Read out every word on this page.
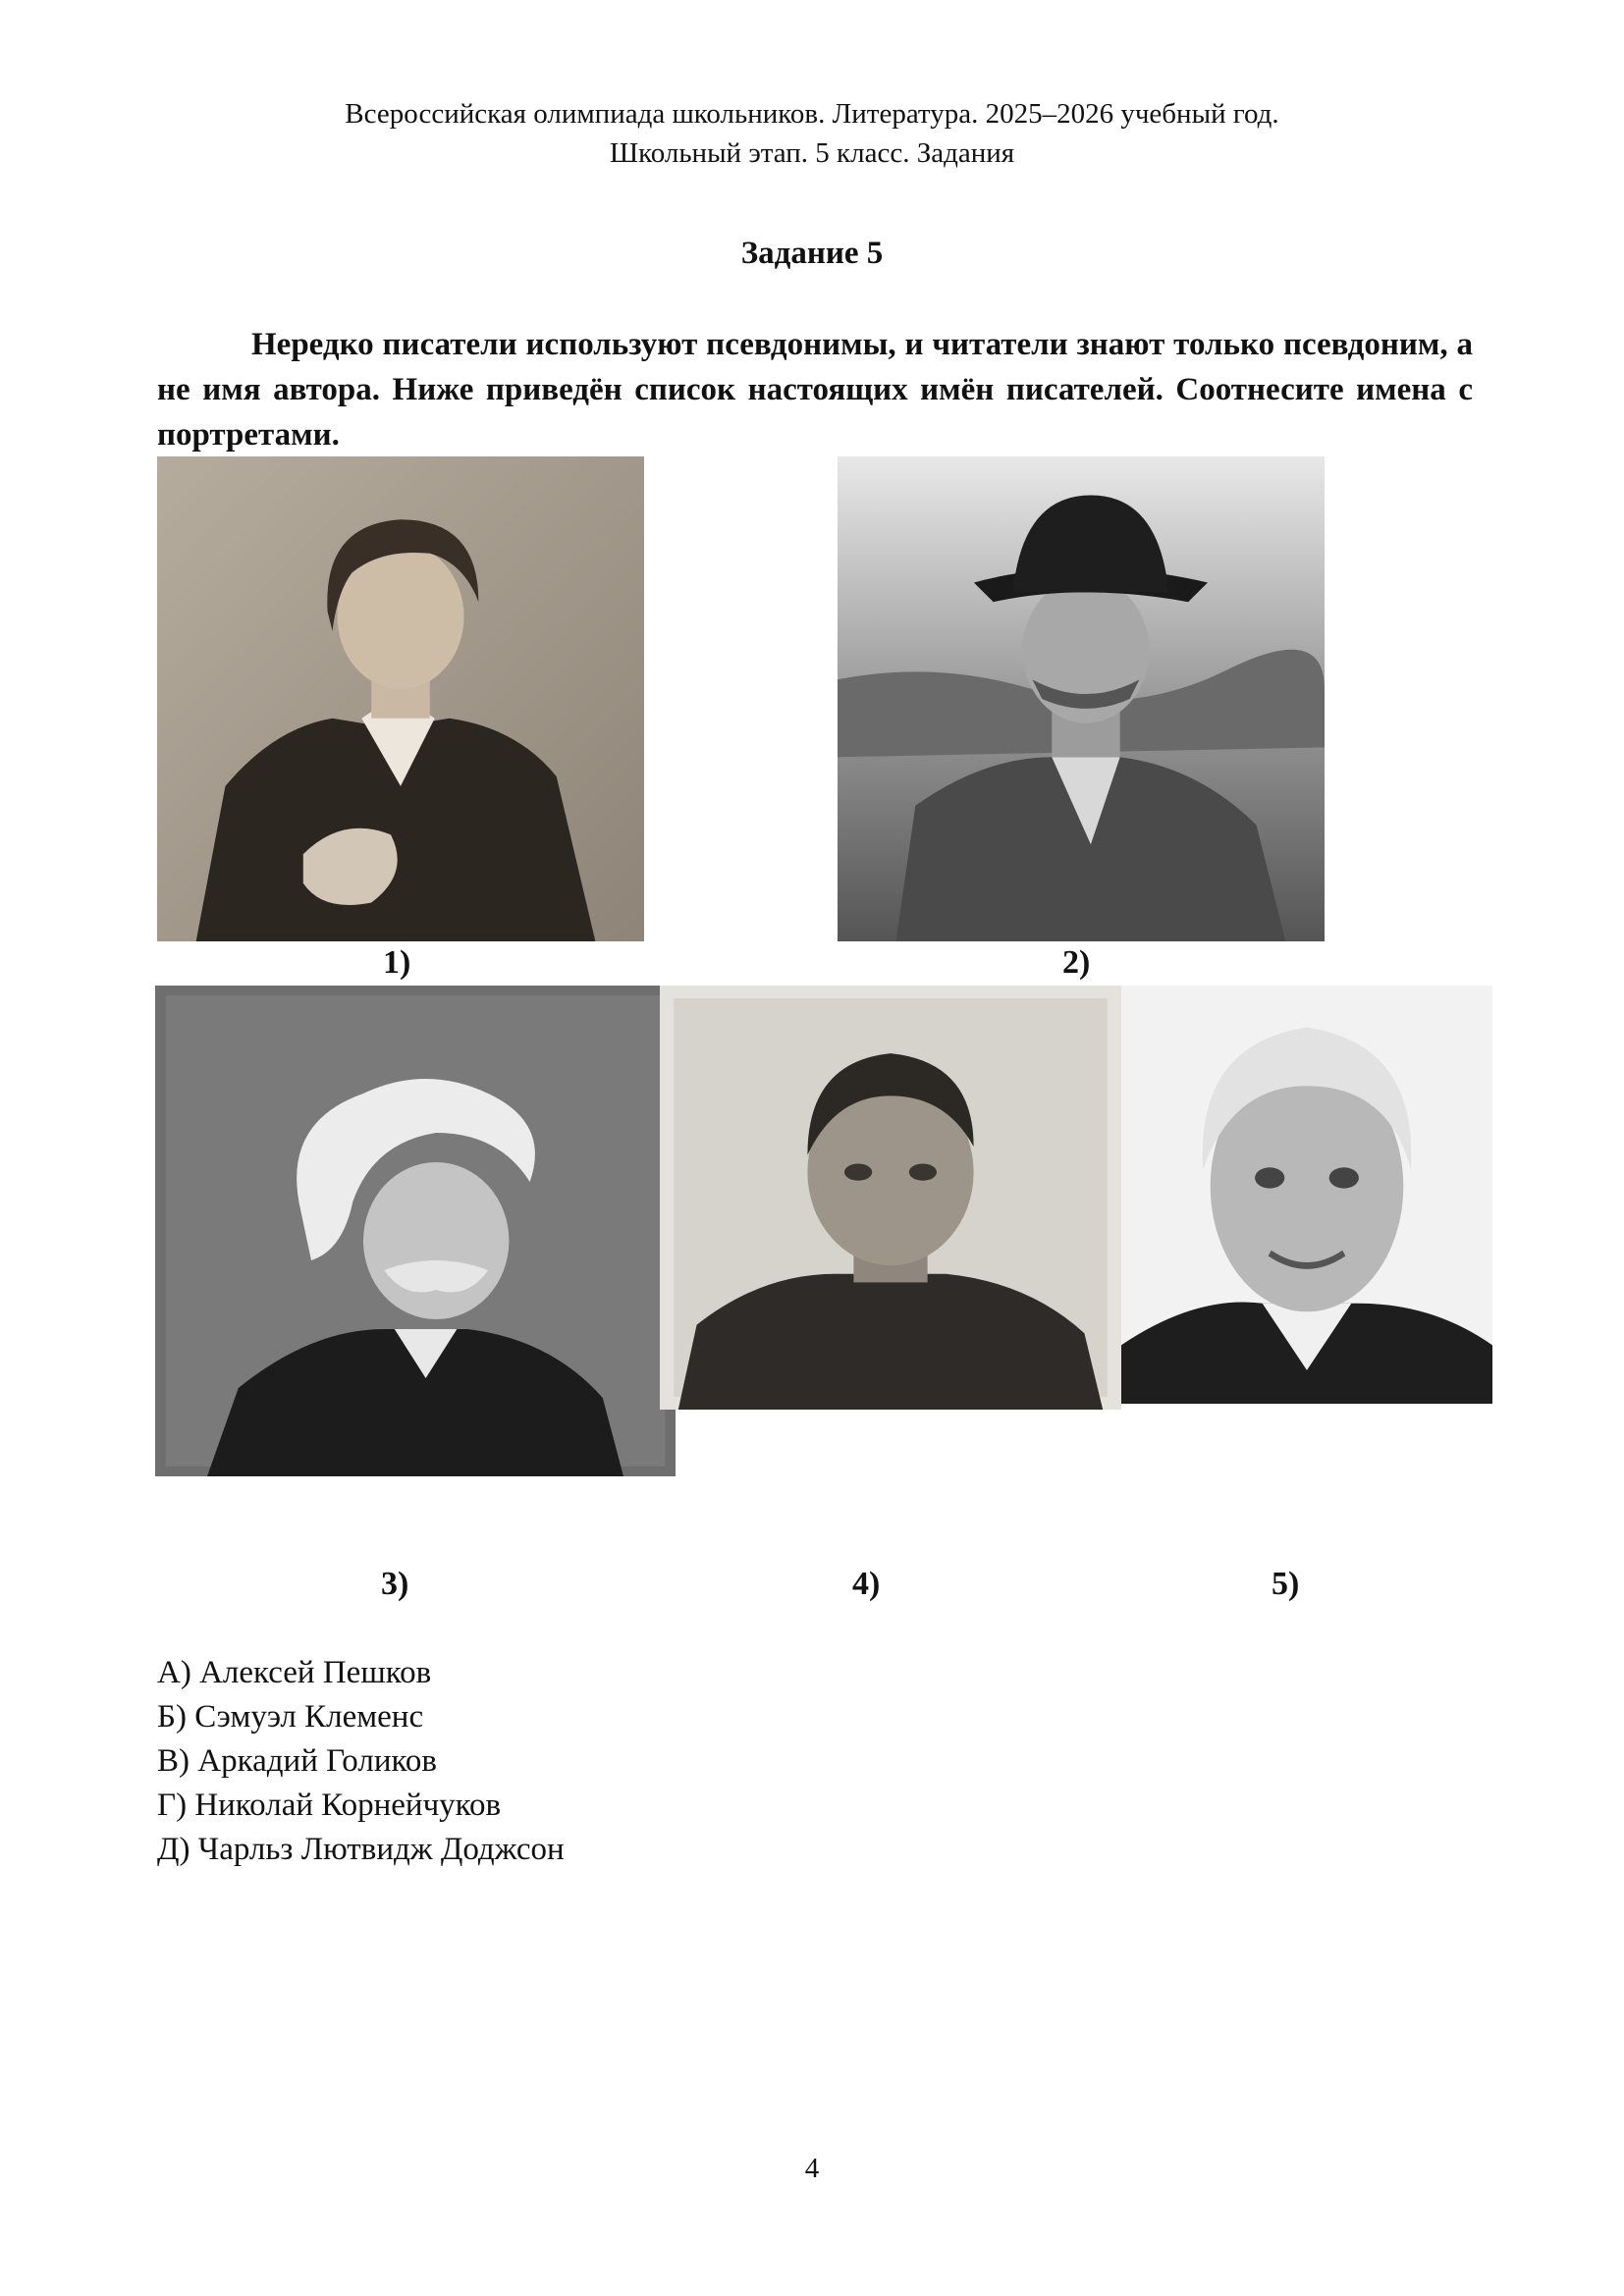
Всероссийская олимпиада школьников. Литература. 2025–2026 учебный год.
Школьный этап. 5 класс. Задания
Задание 5

Нередко писатели используют псевдонимы, и читатели знают только псевдоним, а не имя автора. Ниже приведён список настоящих имён писателей. Соотнесите имена с портретами.

1)	2)
3)	4)	5)
А) Алексей Пешков
Б) Сэмуэл Клеменс
В) Аркадий Голиков
Г) Николай Корнейчуков
Д) Чарльз Лютвидж Доджсон
4
